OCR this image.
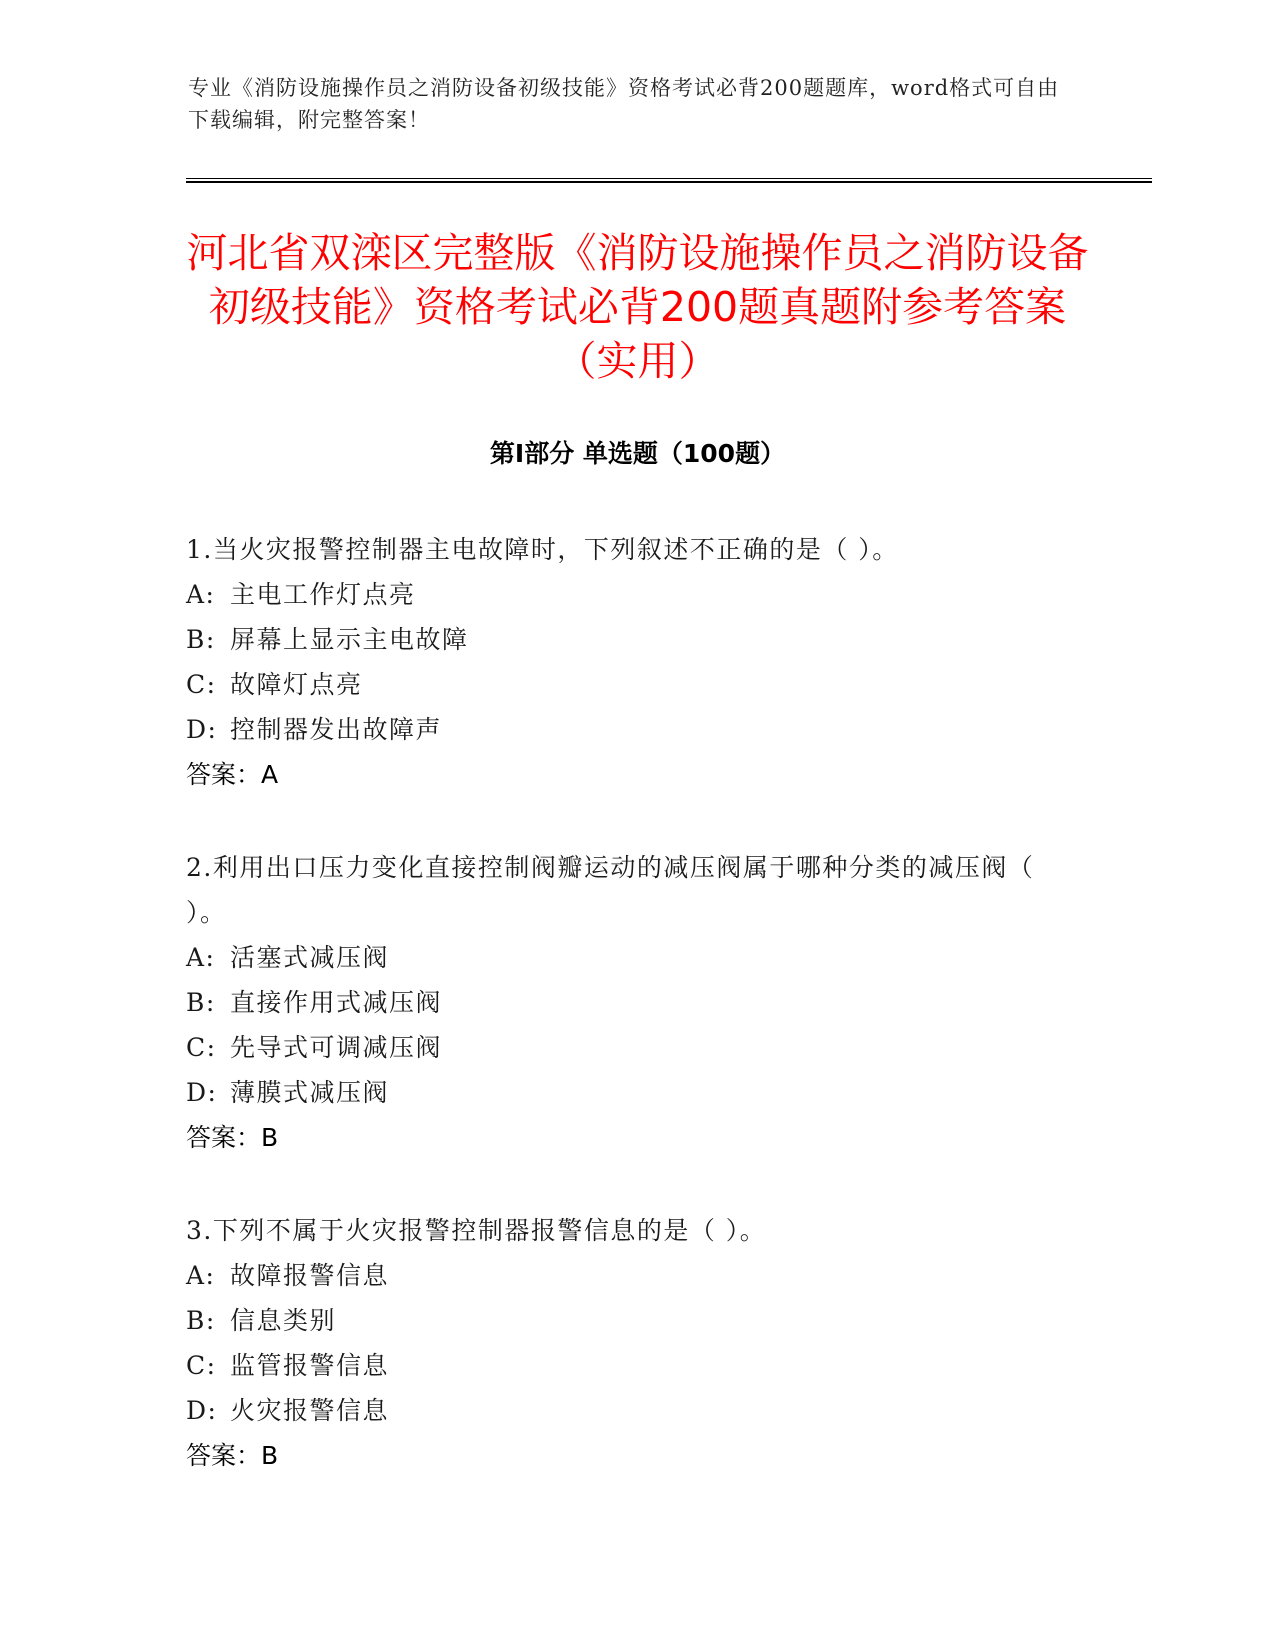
专业《消防设施操作员之消防设备初级技能》资格考试必背200题题库，word格式可自由下载编辑，附完整答案！
河北省双滦区完整版《消防设施操作员之消防设备初级技能》资格考试必背200题真题附参考答案（实用）
第I部分 单选题（100题）
1.当火灾报警控制器主电故障时，下列叙述不正确的是（ ）。
A: 主电工作灯点亮
B: 屏幕上显示主电故障
C: 故障灯点亮
D: 控制器发出故障声
答案：A
2.利用出口压力变化直接控制阀瓣运动的减压阀属于哪种分类的减压阀（ ）。
A: 活塞式减压阀
B: 直接作用式减压阀
C: 先导式可调减压阀
D: 薄膜式减压阀
答案：B
3.下列不属于火灾报警控制器报警信息的是（ ）。
A: 故障报警信息
B: 信息类别
C: 监管报警信息
D: 火灾报警信息
答案：B
